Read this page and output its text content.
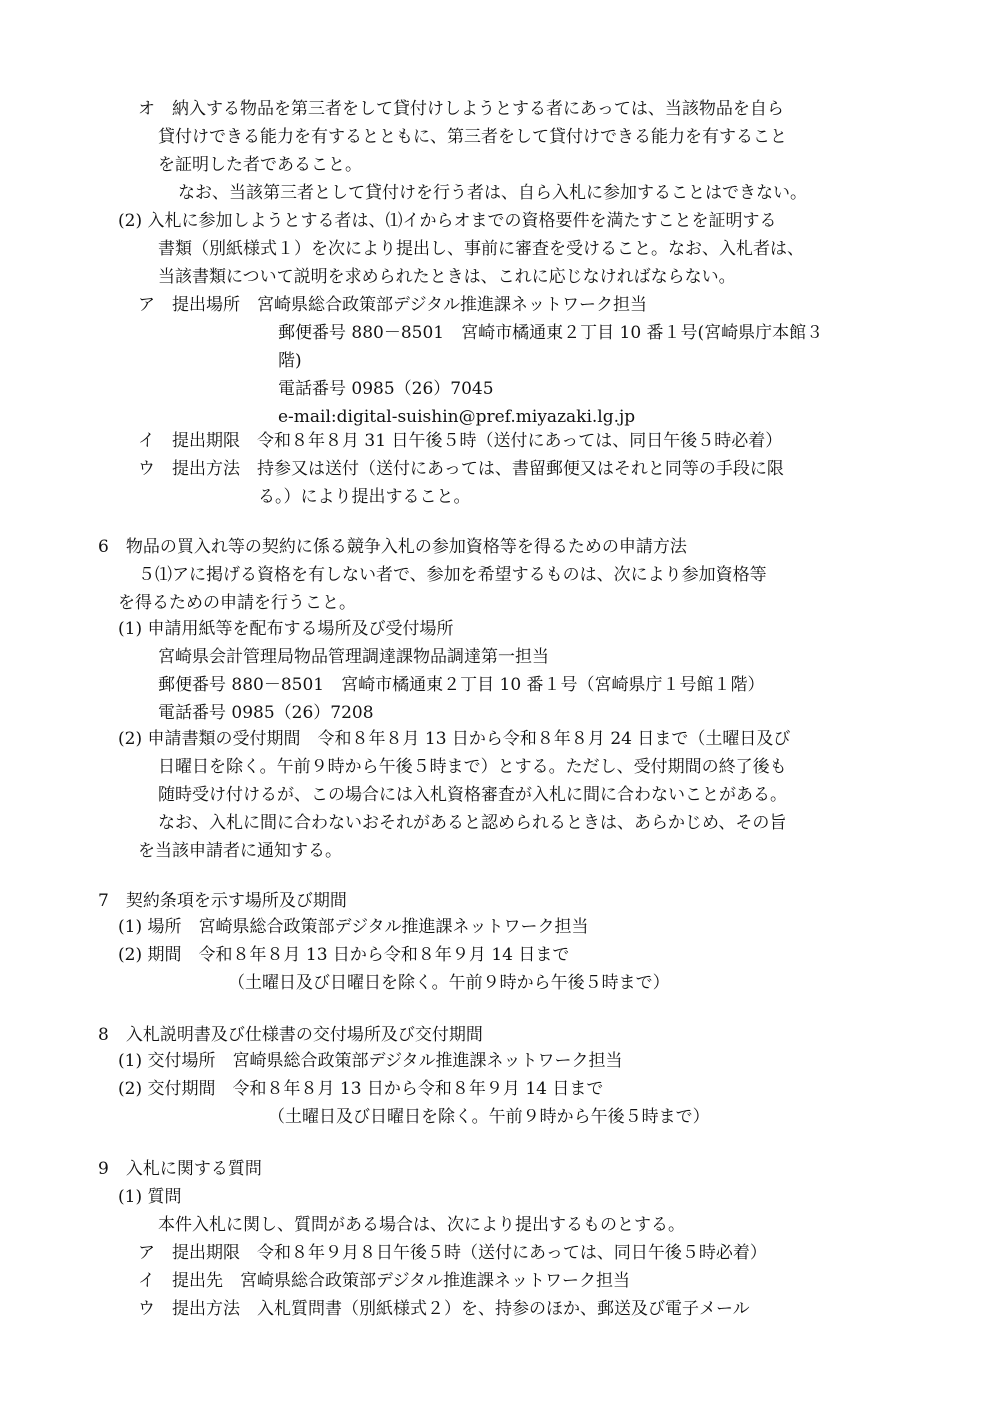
オ　納入する物品を第三者をして貸付けしようとする者にあっては、当該物品を自ら
貸付けできる能力を有するとともに、第三者をして貸付けできる能力を有すること
を証明した者であること。
なお、当該第三者として貸付けを行う者は、自ら入札に参加することはできない。
(2) 入札に参加しようとする者は、⑴イからオまでの資格要件を満たすことを証明する
書類（別紙様式１）を次により提出し、事前に審査を受けること。なお、入札者は、
当該書類について説明を求められたときは、これに応じなければならない。
ア　提出場所　宮崎県総合政策部デジタル推進課ネットワーク担当
郵便番号 880－8501　宮崎市橘通東２丁目 10 番１号(宮崎県庁本館３
階)
電話番号 0985（26）7045
e-mail:digital-suishin@pref.miyazaki.lg.jp
イ　提出期限　令和８年８月 31 日午後５時（送付にあっては、同日午後５時必着）
ウ　提出方法　持参又は送付（送付にあっては、書留郵便又はそれと同等の手段に限
る。）により提出すること。
6　物品の買入れ等の契約に係る競争入札の参加資格等を得るための申請方法
５⑴アに掲げる資格を有しない者で、参加を希望するものは、次により参加資格等
を得るための申請を行うこと。
(1) 申請用紙等を配布する場所及び受付場所
宮崎県会計管理局物品管理調達課物品調達第一担当
郵便番号 880－8501　宮崎市橘通東２丁目 10 番１号（宮崎県庁１号館１階）
電話番号 0985（26）7208
(2) 申請書類の受付期間　令和８年８月 13 日から令和８年８月 24 日まで（土曜日及び
日曜日を除く。午前９時から午後５時まで）とする。ただし、受付期間の終了後も
随時受け付けるが、この場合には入札資格審査が入札に間に合わないことがある。
なお、入札に間に合わないおそれがあると認められるときは、あらかじめ、その旨
を当該申請者に通知する。
7　契約条項を示す場所及び期間
(1) 場所　宮崎県総合政策部デジタル推進課ネットワーク担当
(2) 期間　令和８年８月 13 日から令和８年９月 14 日まで
（土曜日及び日曜日を除く。午前９時から午後５時まで）
8　入札説明書及び仕様書の交付場所及び交付期間
(1) 交付場所　宮崎県総合政策部デジタル推進課ネットワーク担当
(2) 交付期間　令和８年８月 13 日から令和８年９月 14 日まで
（土曜日及び日曜日を除く。午前９時から午後５時まで）
9　入札に関する質問
(1) 質問
本件入札に関し、質問がある場合は、次により提出するものとする。
ア　提出期限　令和８年９月８日午後５時（送付にあっては、同日午後５時必着）
イ　提出先　宮崎県総合政策部デジタル推進課ネットワーク担当
ウ　提出方法　入札質問書（別紙様式２）を、持参のほか、郵送及び電子メール
